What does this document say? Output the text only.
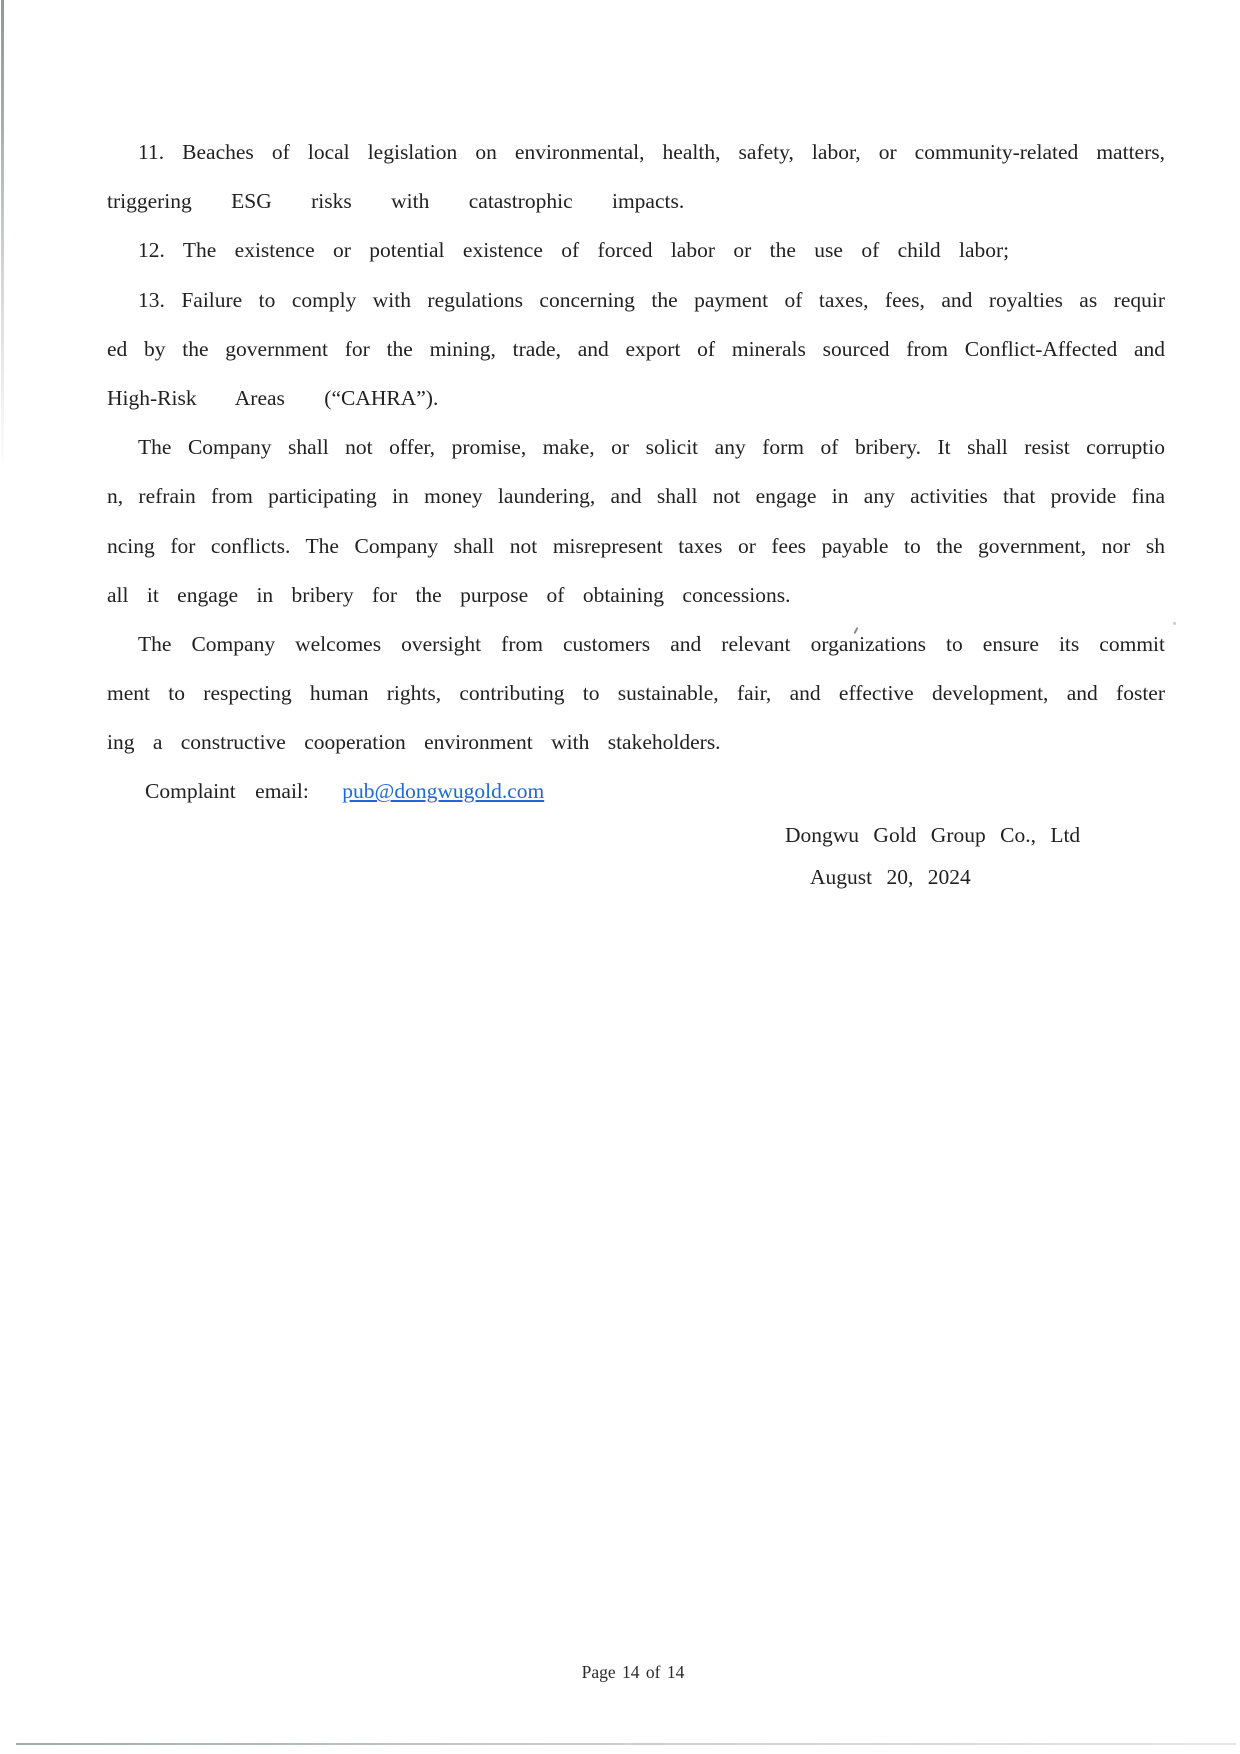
11. Beaches of local legislation on environmental, health, safety, labor, or community-related matters,
triggering ESG risks with catastrophic impacts.
12. The existence or potential existence of forced labor or the use of child labor;
13. Failure to comply with regulations concerning the payment of taxes, fees, and royalties as requir
ed by the government for the mining, trade, and export of minerals sourced from Conflict-Affected and
High-Risk Areas (“CAHRA”).
The Company shall not offer, promise, make, or solicit any form of bribery. It shall resist corruptio
n, refrain from participating in money laundering, and shall not engage in any activities that provide fina
ncing for conflicts. The Company shall not misrepresent taxes or fees payable to the government, nor sh
all it engage in bribery for the purpose of obtaining concessions.
The Company welcomes oversight from customers and relevant organizations to ensure its commit
ment to respecting human rights, contributing to sustainable, fair, and effective development, and foster
ing a constructive cooperation environment with stakeholders.
Complaint email: pub@dongwugold.com
Dongwu Gold Group Co., Ltd
August 20, 2024
Page 14 of 14
